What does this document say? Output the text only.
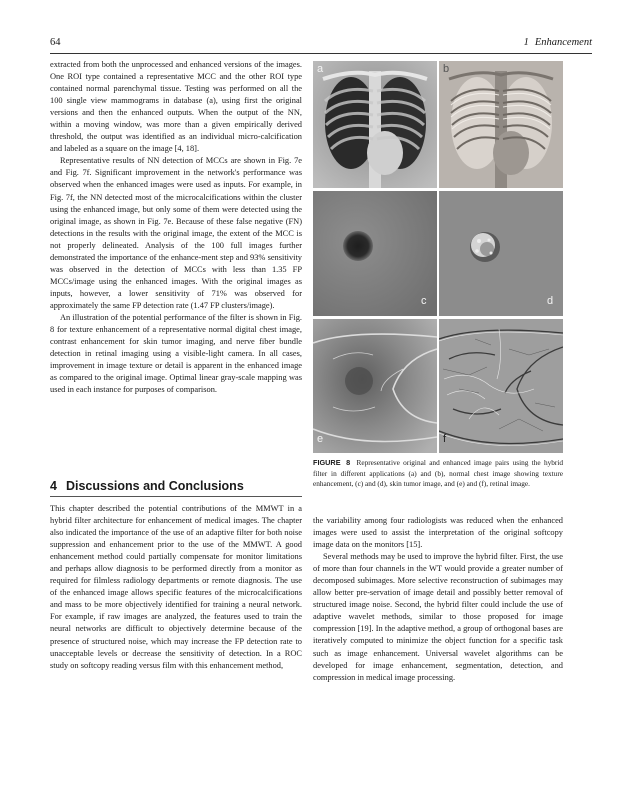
64	1 Enhancement

extracted from both the unprocessed and enhanced versions of the images. One ROI type contained a representative MCC and the other ROI type contained normal parenchymal tissue. Testing was performed on all the 100 single view mammograms in database (a), using first the original versions and then the enhanced outputs. When the output of the NN, within a moving window, was more than a given empirically derived threshold, the output was identified as an individual micro-calcification and labeled as a square on the image [4, 18].

Representative results of NN detection of MCCs are shown in Fig. 7e and Fig. 7f. Significant improvement in the network's performance was observed when the enhanced images were used as inputs. For example, in Fig. 7f, the NN detected most of the microcalcifications within the cluster using the enhanced image, but only some of them were detected using the original image, as shown in Fig. 7e. Because of these false negative (FN) detections in the results with the original image, the extent of the MCC is not properly delineated. Analysis of the 100 full images further demonstrated the importance of the enhance-ment step and 93% sensitivity was observed in the detection of MCCs with less than 1.35 FP MCCs/image using the enhanced images. With the original images as inputs, however, a lower sensitivity of 71% was observed for approximately the same FP detection rate (1.47 FP clusters/image).

An illustration of the potential performance of the filter is shown in Fig. 8 for texture enhancement of a representative normal digital chest image, contrast enhancement for skin tumor imaging, and nerve fiber bundle detection in retinal imaging using a visible-light camera. In all cases, improvement in image texture or detail is apparent in the enhanced image as compared to the original image. Optimal linear gray-scale mapping was used in each instance for purposes of comparison.

4 Discussions and Conclusions

This chapter described the potential contributions of the MMWT in a hybrid filter architecture for enhancement of medical images. The chapter also indicated the importance of the use of an adaptive filter for both noise suppression and enhancement prior to the use of the MMWT. A good enhancement method could partially compensate for monitor limitations and perhaps allow diagnosis to be performed directly from a monitor as required for filmless radiology departments or remote diagnosis. The use of the enhanced image allows specific features of the microcalcifications and mass to be more objectively identified for training a neural network. For example, if raw images are analyzed, the features used to train the neural networks are difficult to objectively determine because of the presence of structured noise, which may increase the FP detection rate to unacceptable levels or decrease the sensitivity of detection. In a ROC study on softcopy reading versus film with this enhancement method,

a	b
c	d
e	f
FIGURE 8 Representative original and enhanced image pairs using the hybrid filter in different applications (a) and (b), normal chest image showing texture enhancement, (c) and (d), skin tumor image, and (e) and (f), retinal image.

the variability among four radiologists was reduced when the enhanced images were used to assist the interpretation of the original softcopy image data on the monitors [15].

Several methods may be used to improve the hybrid filter. First, the use of more than four channels in the WT would provide a greater number of decomposed subimages. More selective reconstruction of subimages may allow better pre-servation of image detail and possibly better removal of structured image noise. Second, the hybrid filter could include the use of adaptive wavelet methods, similar to those proposed for image compression [19]. In the adaptive method, a group of orthogonal bases are iteratively computed to minimize the object function for a specific task such as image enhancement. Universal wavelet algorithms can be developed for image enhancement, segmentation, detection, and compression in medical image processing.
